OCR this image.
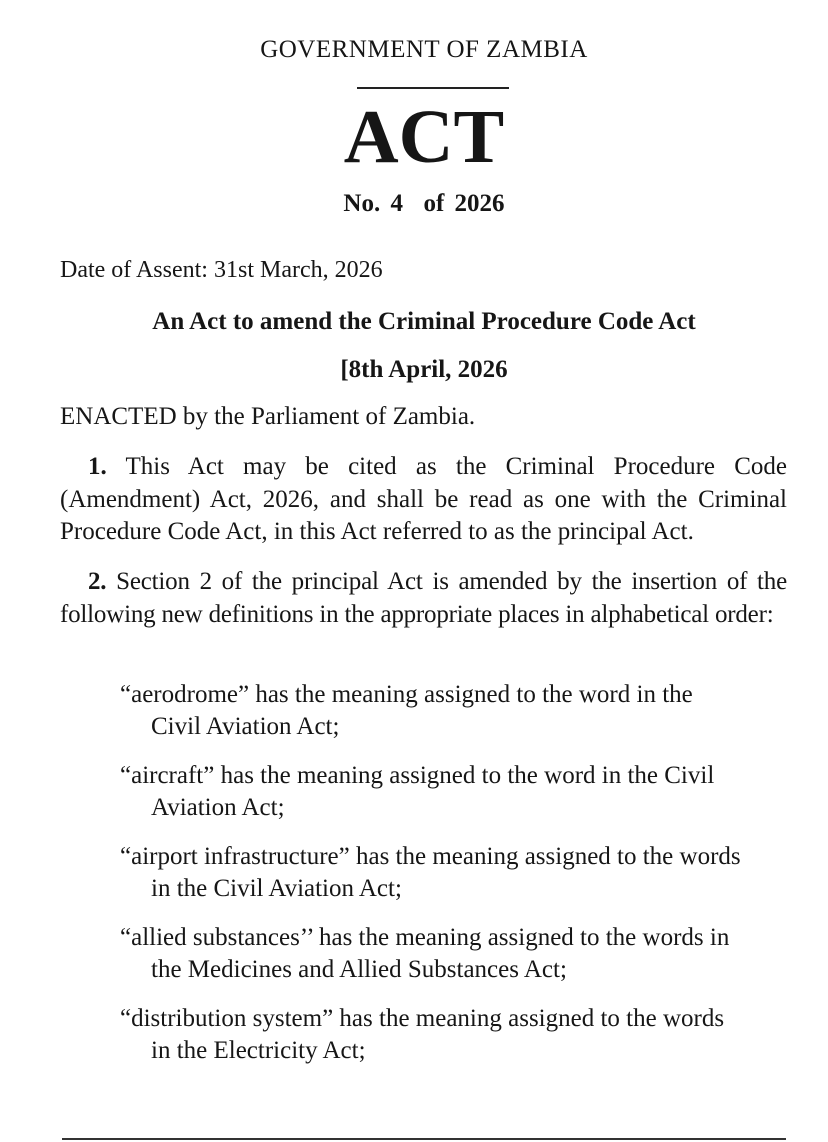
GOVERNMENT OF ZAMBIA
ACT
No. 4  of 2026
Date of Assent: 31st March, 2026
An Act to amend the Criminal Procedure Code Act
[8th April, 2026
ENACTED by the Parliament of Zambia.
1. This Act may be cited as the Criminal Procedure Code (Amendment) Act, 2026, and shall be read as one with the Criminal Procedure Code Act, in this Act referred to as the principal Act.
2. Section 2 of the principal Act is amended by the insertion of the following new definitions in the appropriate places in alphabetical order:
“aerodrome” has the meaning assigned to the word in the
Civil Aviation Act;
“aircraft” has the meaning assigned to the word in the Civil
Aviation Act;
“airport infrastructure” has the meaning assigned to the words
in the Civil Aviation Act;
“allied substances’’ has the meaning assigned to the words in
the Medicines and Allied Substances Act;
“distribution system” has the meaning assigned to the words
in the Electricity Act;
